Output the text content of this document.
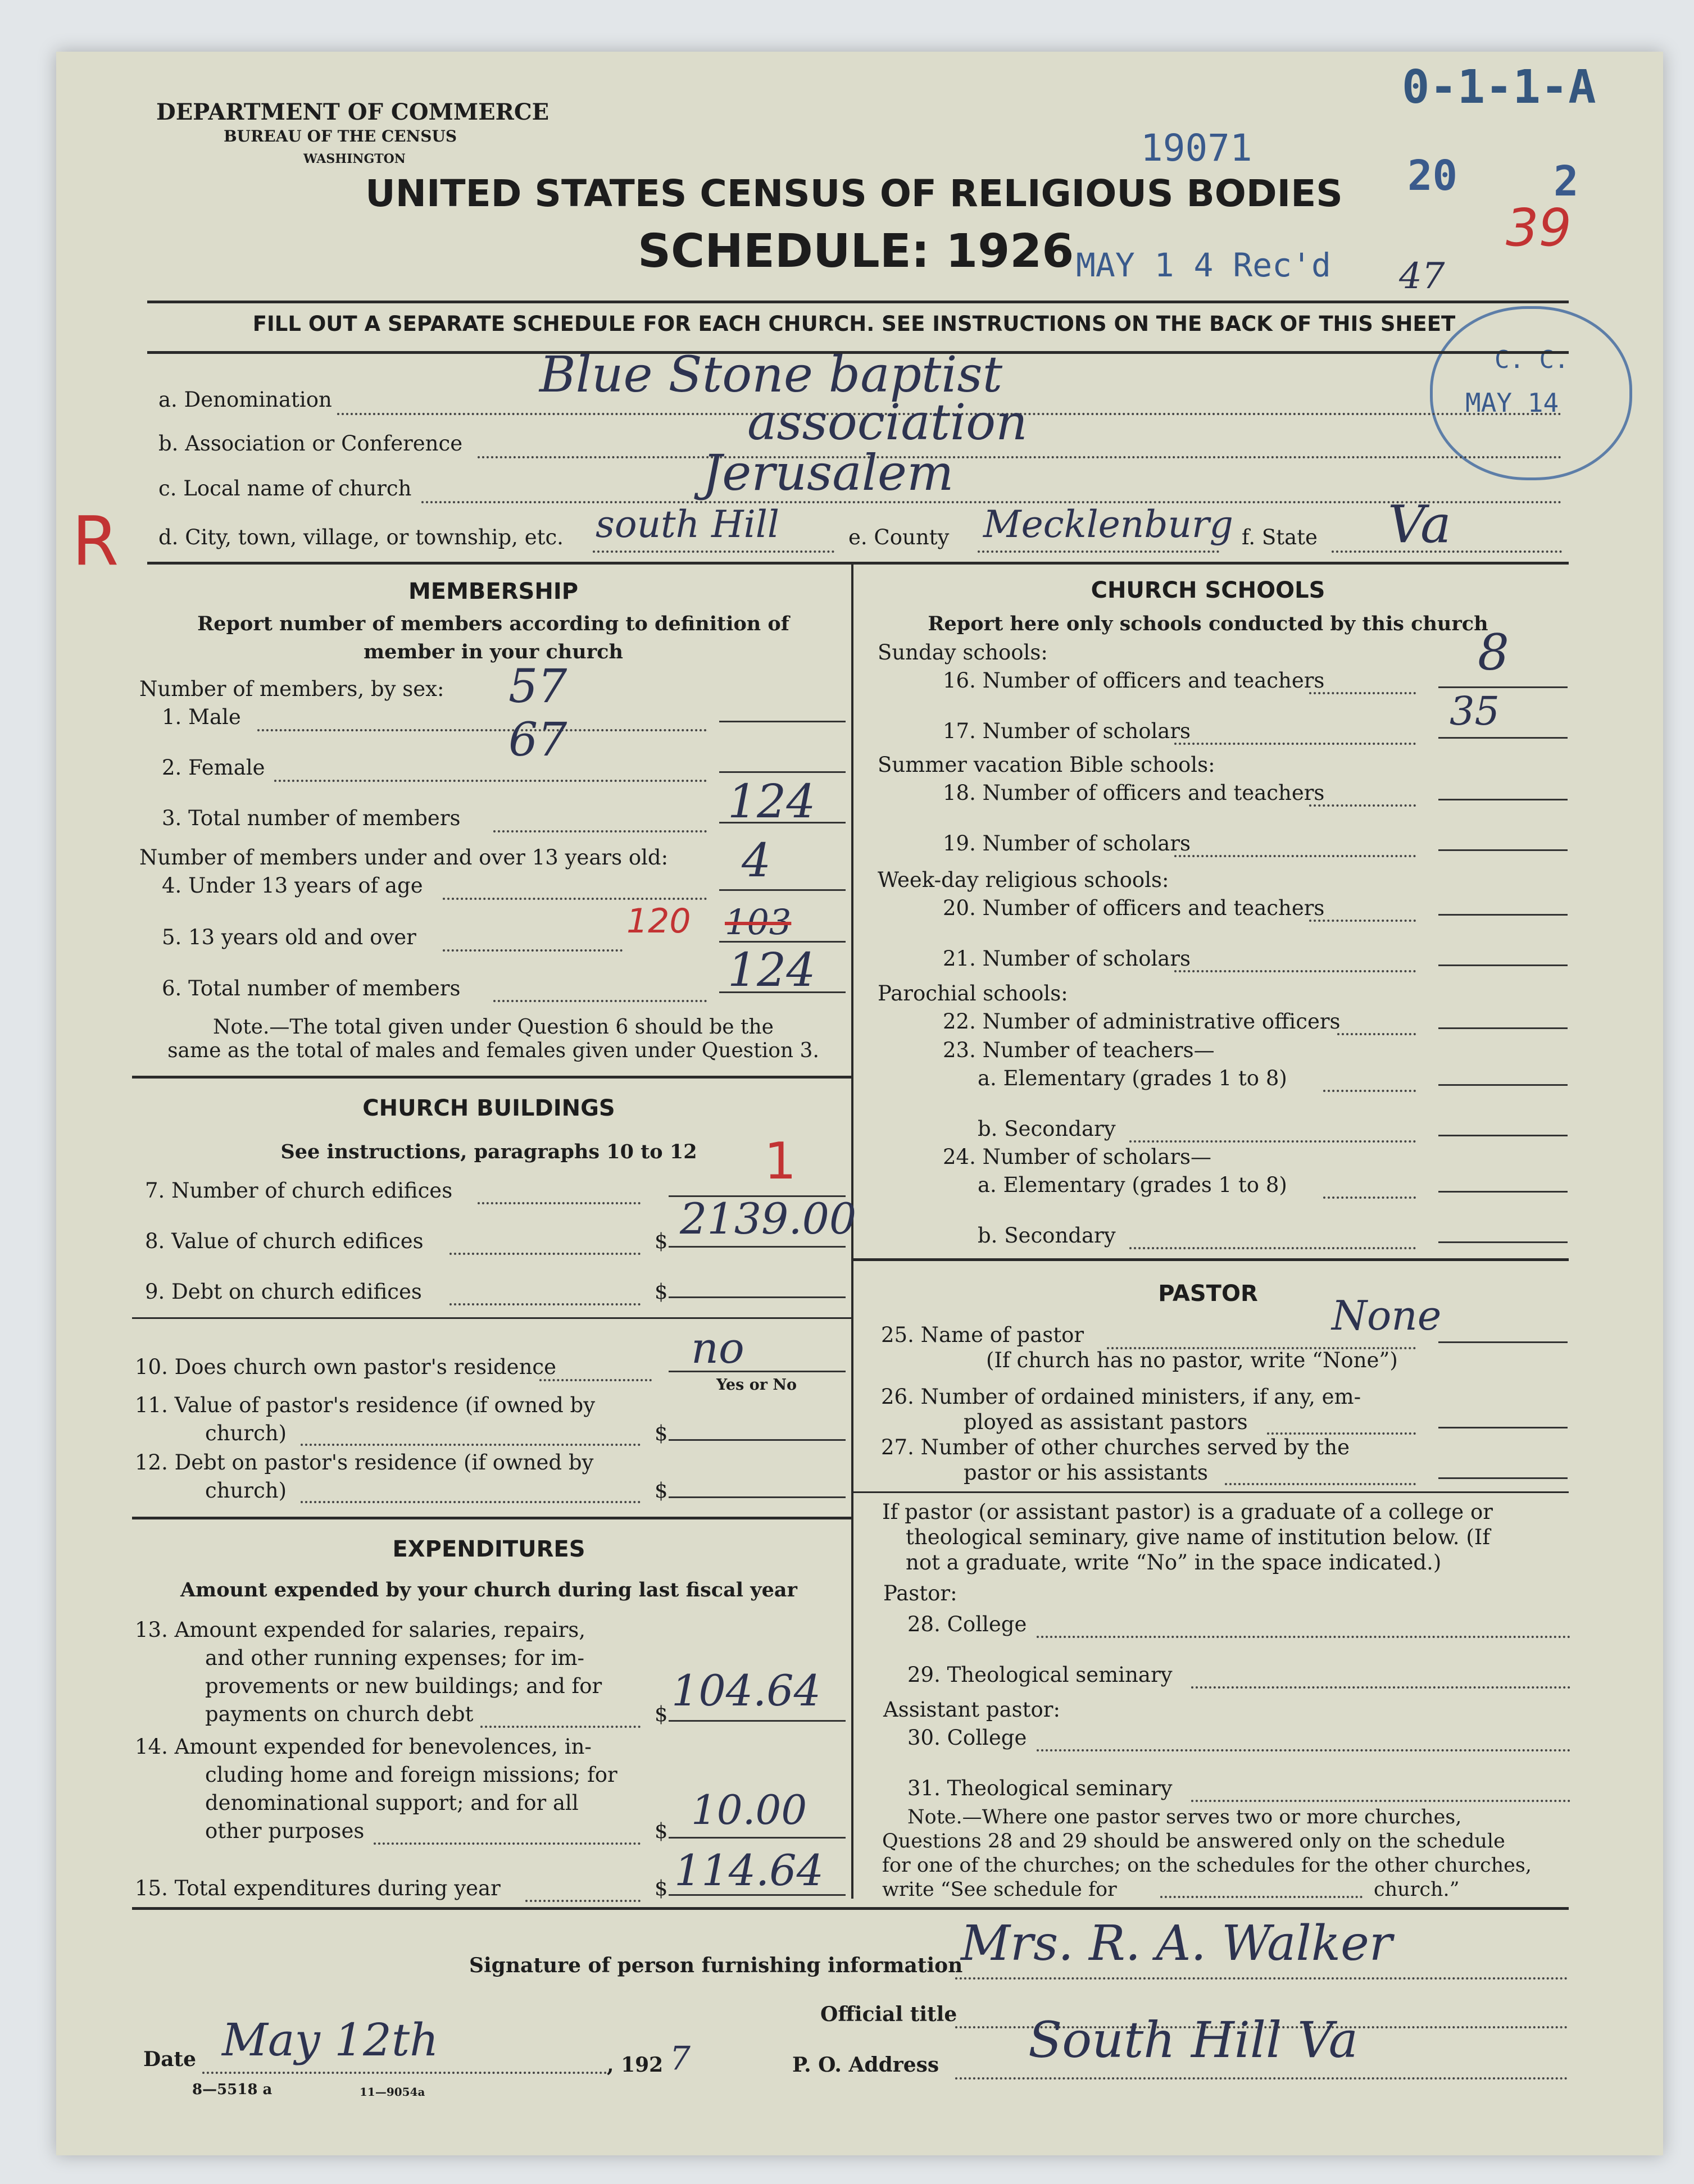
0-1-1-A
19071
20 2
39
47
MAY 1 4 Rec'd
C. C.
MAY 14
R
DEPARTMENT OF COMMERCE
BUREAU OF THE CENSUS
WASHINGTON
UNITED STATES CENSUS OF RELIGIOUS BODIES
SCHEDULE: 1926
FILL OUT A SEPARATE SCHEDULE FOR EACH CHURCH. SEE INSTRUCTIONS ON THE BACK OF THIS SHEET
a. Denomination	Blue Stone baptist
b. Association or Conference	association
c. Local name of church	Jerusalem
d. City, town, village, or township, etc. south Hill	e. County Mecklenburg f. State Va
MEMBERSHIP
Report number of members according to definition of
member in your church
Number of members, by sex:
1. Male
57
2. Female
67
3. Total number of members	124
Number of members under and over 13 years old:
4. Under 13 years of age	4
5. 13 years old and over	120 103
6. Total number of members	124
Note.—The total given under Question 6 should be the
same as the total of males and females given under Question 3.
CHURCH BUILDINGS
See instructions, paragraphs 10 to 12
7. Number of church edifices	1
8. Value of church edifices	$ 2139.00
9. Debt on church edifices	$
10. Does church own pastor's residence	no
Yes or No
11. Value of pastor's residence (if owned by
church)	$
12. Debt on pastor's residence (if owned by
church)	$
EXPENDITURES
Amount expended by your church during last fiscal year
13. Amount expended for salaries, repairs,
and other running expenses; for im-
provements or new buildings; and for
payments on church debt	$ 104.64
14. Amount expended for benevolences, in-
cluding home and foreign missions; for
denominational support; and for all
other purposes	$ 10.00
15. Total expenditures during year	$ 114.64
CHURCH SCHOOLS
Report here only schools conducted by this church
Sunday schools:
16. Number of officers and teachers	8
17. Number of scholars	35
Summer vacation Bible schools:
18. Number of officers and teachers
19. Number of scholars
Week-day religious schools:
20. Number of officers and teachers
21. Number of scholars
Parochial schools:
22. Number of administrative officers
23. Number of teachers—
a. Elementary (grades 1 to 8)
b. Secondary
24. Number of scholars—
a. Elementary (grades 1 to 8)
b. Secondary
PASTOR
25. Name of pastor	None
(If church has no pastor, write “None”)
26. Number of ordained ministers, if any, em-
ployed as assistant pastors
27. Number of other churches served by the
pastor or his assistants
If pastor (or assistant pastor) is a graduate of a college or
theological seminary, give name of institution below. (If
not a graduate, write “No” in the space indicated.)
Pastor:
28. College
29. Theological seminary
Assistant pastor:
30. College
31. Theological seminary
Note.—Where one pastor serves two or more churches,
Questions 28 and 29 should be answered only on the schedule
for one of the churches; on the schedules for the other churches,
write “See schedule for	church.”
Signature of person furnishing information
Mrs. R. A. Walker
Official title
Date May 12th	, 192 7	P. O. Address South Hill Va
8—5518 a	11—9054a
